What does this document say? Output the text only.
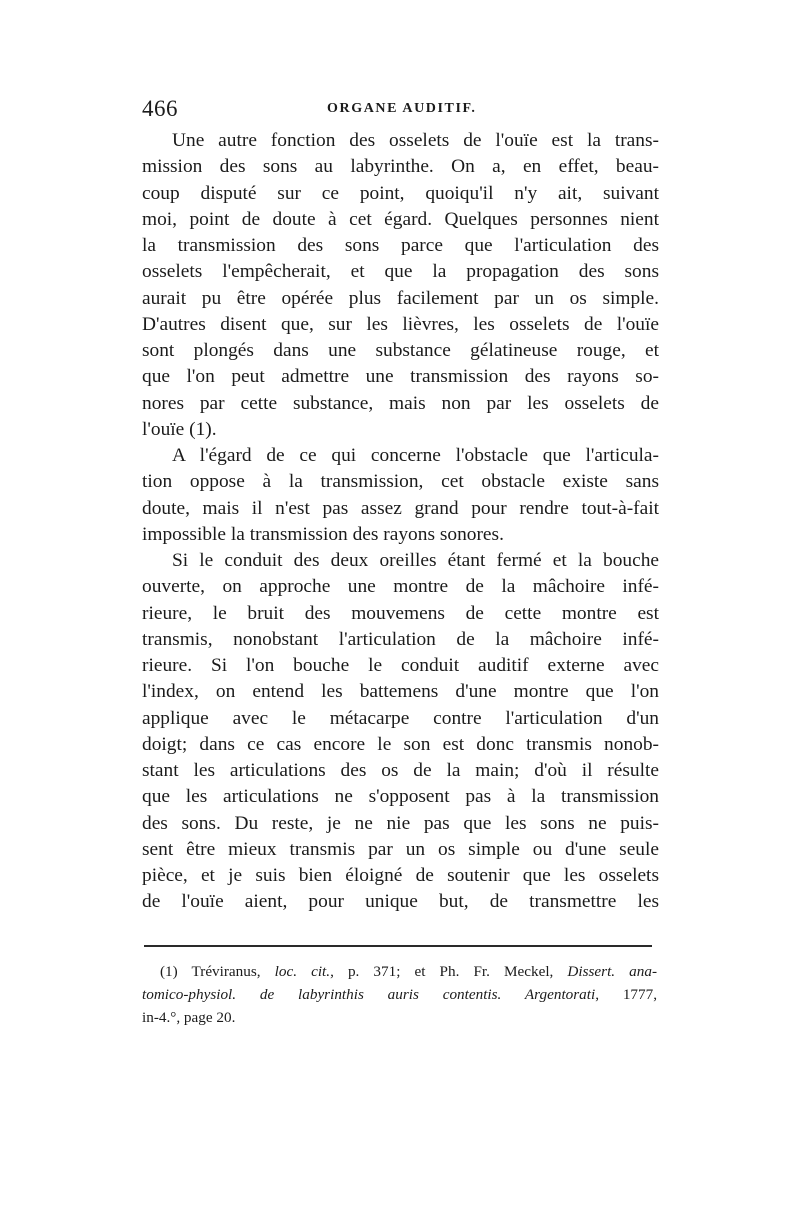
466	ORGANE AUDITIF.
Une autre fonction des osselets de l'ouïe est la trans-
mission des sons au labyrinthe. On a, en effet, beau-
coup disputé sur ce point, quoiqu'il n'y ait, suivant
moi, point de doute à cet égard. Quelques personnes nient
la transmission des sons parce que l'articulation des
osselets l'empêcherait, et que la propagation des sons
aurait pu être opérée plus facilement par un os simple.
D'autres disent que, sur les lièvres, les osselets de l'ouïe
sont plongés dans une substance gélatineuse rouge, et
que l'on peut admettre une transmission des rayons so-
nores par cette substance, mais non par les osselets de
l'ouïe (1).
A l'égard de ce qui concerne l'obstacle que l'articula-
tion oppose à la transmission, cet obstacle existe sans
doute, mais il n'est pas assez grand pour rendre tout-à-fait
impossible la transmission des rayons sonores.
Si le conduit des deux oreilles étant fermé et la bouche
ouverte, on approche une montre de la mâchoire infé-
rieure, le bruit des mouvemens de cette montre est
transmis, nonobstant l'articulation de la mâchoire infé-
rieure. Si l'on bouche le conduit auditif externe avec
l'index, on entend les battemens d'une montre que l'on
applique avec le métacarpe contre l'articulation d'un
doigt; dans ce cas encore le son est donc transmis nonob-
stant les articulations des os de la main; d'où il résulte
que les articulations ne s'opposent pas à la transmission
des sons. Du reste, je ne nie pas que les sons ne puis-
sent être mieux transmis par un os simple ou d'une seule
pièce, et je suis bien éloigné de soutenir que les osselets
de l'ouïe aient, pour unique but, de transmettre les
(1) Tréviranus, loc. cit., p. 371; et Ph. Fr. Meckel, Dissert. ana-
tomico-physiol. de labyrinthis auris contentis. Argentorati, 1777,
in-4.°, page 20.
